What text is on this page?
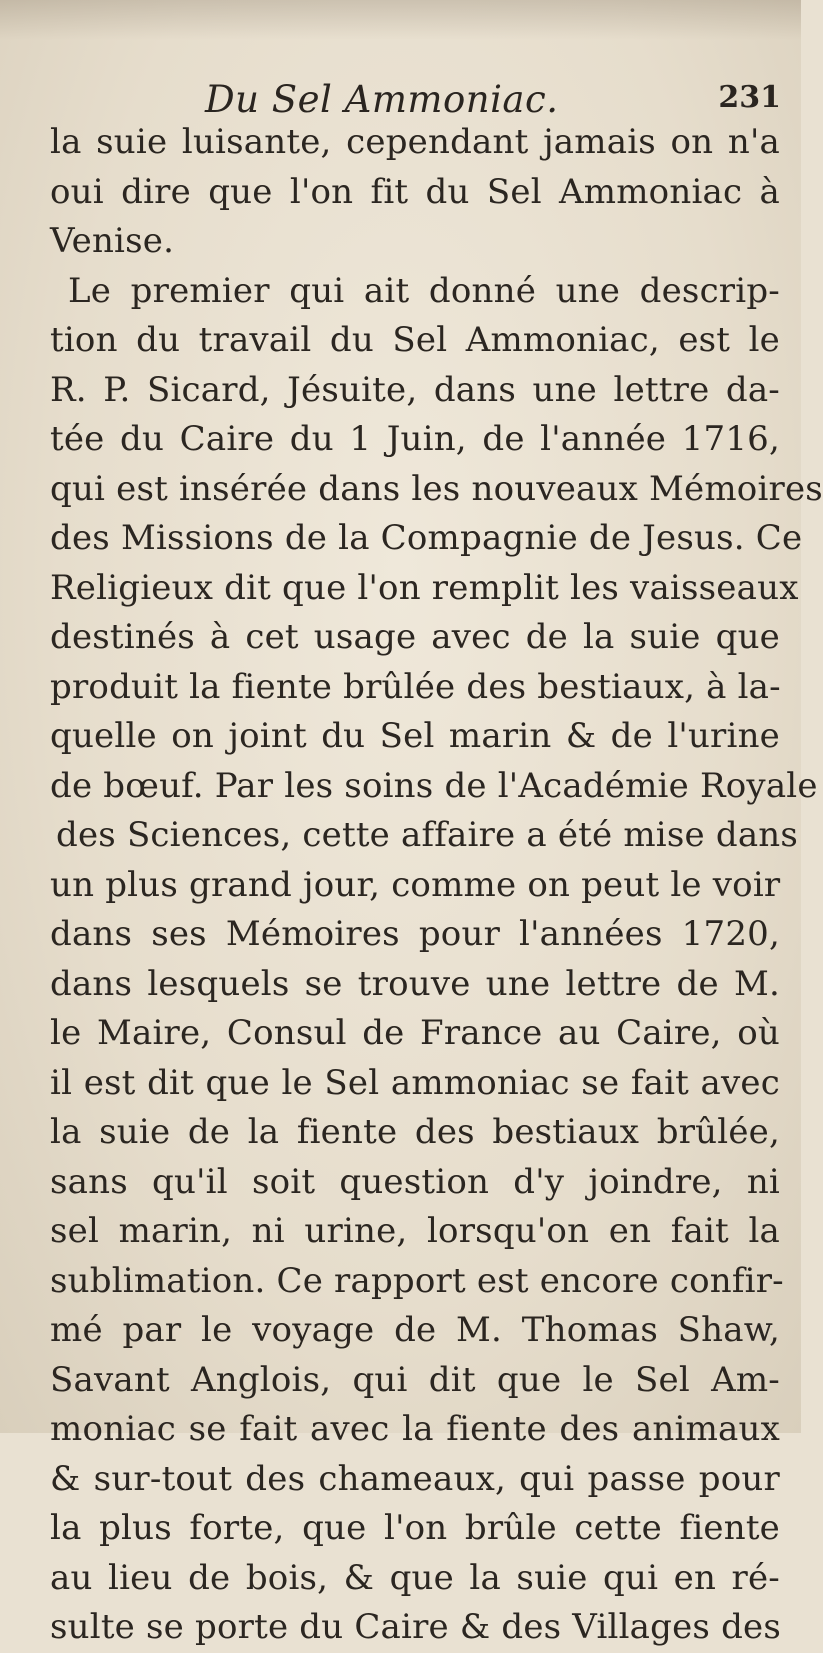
Du Sel Ammoniac.	231
la suie luisante, cependant jamais on n'a
oui dire que l'on fit du Sel Ammoniac à
Venise.
Le premier qui ait donné une descrip-
tion du travail du Sel Ammoniac, est le
R. P. Sicard, Jésuite, dans une lettre da-
tée du Caire du 1 Juin, de l'année 1716,
qui est insérée dans les nouveaux Mémoires
des Missions de la Compagnie de Jesus. Ce
Religieux dit que l'on remplit les vaisseaux
destinés à cet usage avec de la suie que
produit la fiente brûlée des bestiaux, à la-
quelle on joint du Sel marin & de l'urine
de bœuf. Par les soins de l'Académie Royale
des Sciences, cette affaire a été mise dans
un plus grand jour, comme on peut le voir
dans ses Mémoires pour l'années 1720,
dans lesquels se trouve une lettre de M.
le Maire, Consul de France au Caire, où
il est dit que le Sel ammoniac se fait avec
la suie de la fiente des bestiaux brûlée,
sans qu'il soit question d'y joindre, ni
sel marin, ni urine, lorsqu'on en fait la
sublimation. Ce rapport est encore confir-
mé par le voyage de M. Thomas Shaw,
Savant Anglois, qui dit que le Sel Am-
moniac se fait avec la fiente des animaux
& sur-tout des chameaux, qui passe pour
la plus forte, que l'on brûle cette fiente
au lieu de bois, & que la suie qui en ré-
sulte se porte du Caire & des Villages des
